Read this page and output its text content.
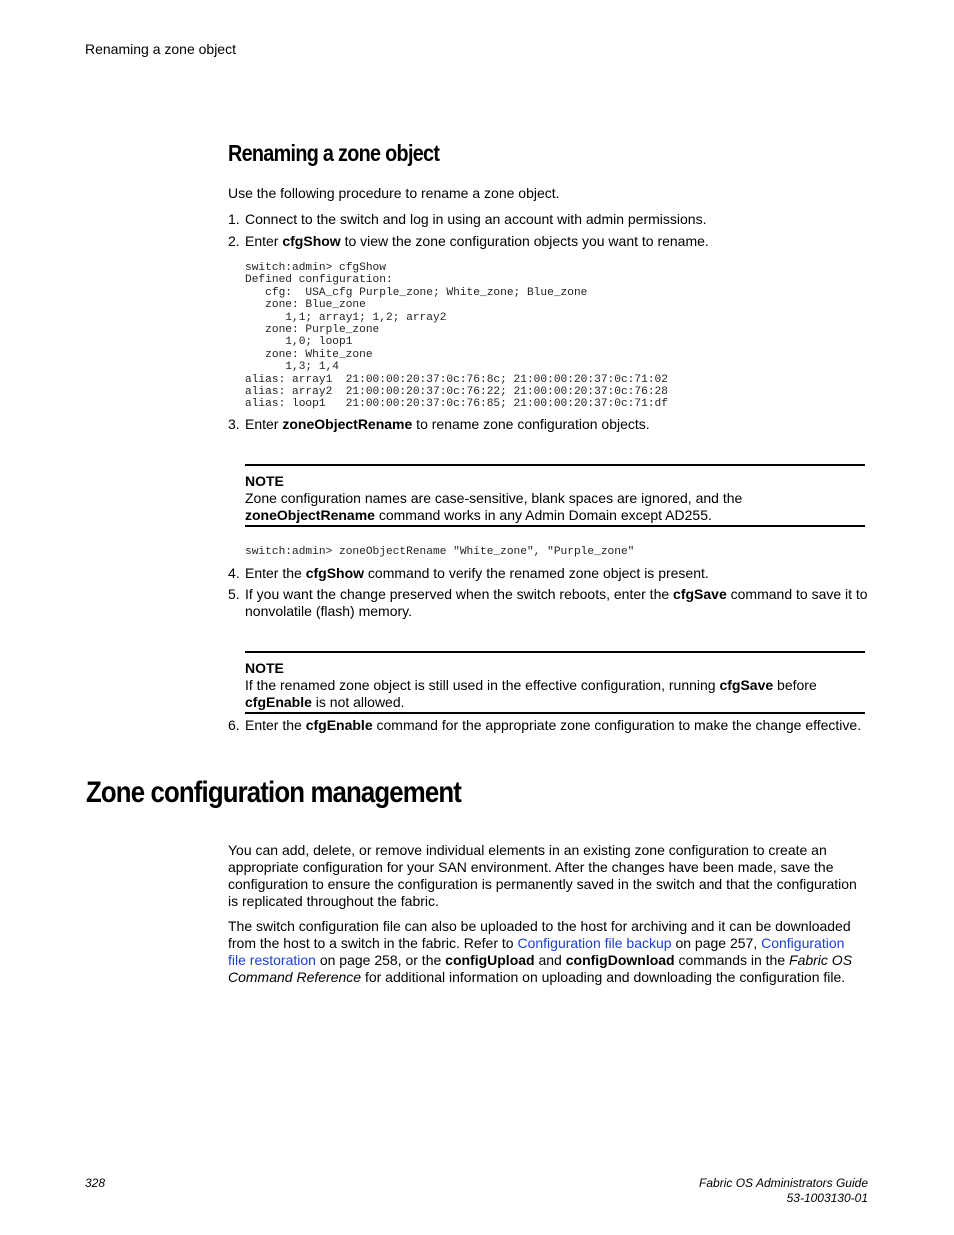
Renaming a zone object
Renaming a zone object
Use the following procedure to rename a zone object.
1. Connect to the switch and log in using an account with admin permissions.
2. Enter cfgShow to view the zone configuration objects you want to rename.
switch:admin> cfgShow
Defined configuration:
cfg:  USA_cfg Purple_zone; White_zone; Blue_zone
zone: Blue_zone
1,1; array1; 1,2; array2
zone: Purple_zone
1,0; loop1
zone: White_zone
1,3; 1,4
alias: array1  21:00:00:20:37:0c:76:8c; 21:00:00:20:37:0c:71:02
alias: array2  21:00:00:20:37:0c:76:22; 21:00:00:20:37:0c:76:28
alias: loop1   21:00:00:20:37:0c:76:85; 21:00:00:20:37:0c:71:df
3. Enter zoneObjectRename to rename zone configuration objects.
NOTE
Zone configuration names are case-sensitive, blank spaces are ignored, and the zoneObjectRename command works in any Admin Domain except AD255.
switch:admin> zoneObjectRename "White_zone", "Purple_zone"
4. Enter the cfgShow command to verify the renamed zone object is present.
5. If you want the change preserved when the switch reboots, enter the cfgSave command to save it to nonvolatile (flash) memory.
NOTE
If the renamed zone object is still used in the effective configuration, running cfgSave before cfgEnable is not allowed.
6. Enter the cfgEnable command for the appropriate zone configuration to make the change effective.
Zone configuration management
You can add, delete, or remove individual elements in an existing zone configuration to create an appropriate configuration for your SAN environment. After the changes have been made, save the configuration to ensure the configuration is permanently saved in the switch and that the configuration is replicated throughout the fabric.
The switch configuration file can also be uploaded to the host for archiving and it can be downloaded from the host to a switch in the fabric. Refer to Configuration file backup on page 257, Configuration file restoration on page 258, or the configUpload and configDownload commands in the Fabric OS Command Reference for additional information on uploading and downloading the configuration file.
328	Fabric OS Administrators Guide
53-1003130-01
